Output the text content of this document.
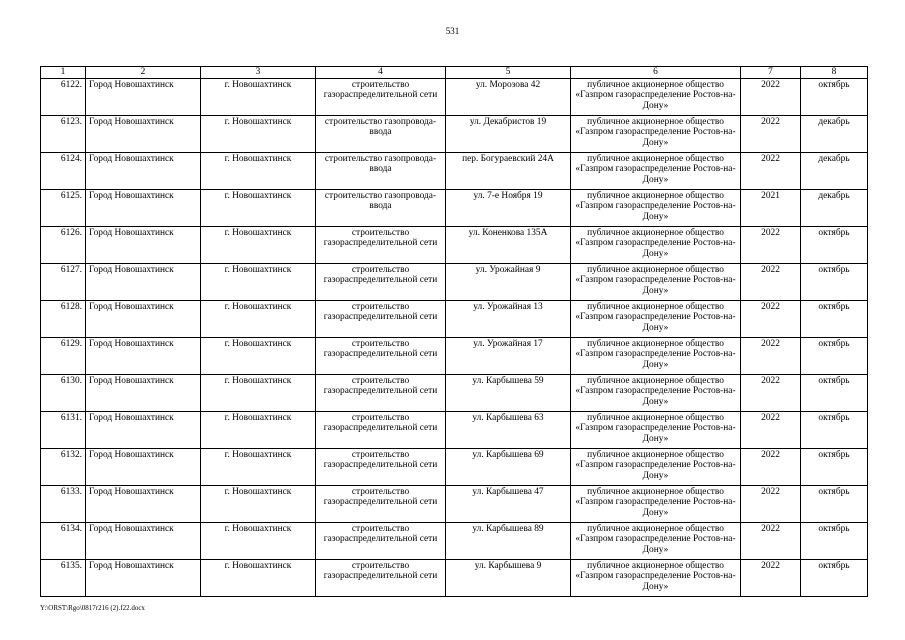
531
1	2	3	4	5	6	7	8
6122.	Город Новошахтинск	г. Новошахтинск	строительство газораспределительной сети	ул. Морозова 42	публичное акционерное общество «Газпром газораспределение Ростов-на-Дону»	2022	октябрь
6123.	Город Новошахтинск	г. Новошахтинск	строительство газопровода-ввода	ул. Декабристов 19	публичное акционерное общество «Газпром газораспределение Ростов-на-Дону»	2022	декабрь
6124.	Город Новошахтинск	г. Новошахтинск	строительство газопровода-ввода	пер. Богураевский 24А	публичное акционерное общество «Газпром газораспределение Ростов-на-Дону»	2022	декабрь
6125.	Город Новошахтинск	г. Новошахтинск	строительство газопровода-ввода	ул. 7-е Ноября 19	публичное акционерное общество «Газпром газораспределение Ростов-на-Дону»	2021	декабрь
6126.	Город Новошахтинск	г. Новошахтинск	строительство газораспределительной сети	ул. Коненкова 135А	публичное акционерное общество «Газпром газораспределение Ростов-на-Дону»	2022	октябрь
6127.	Город Новошахтинск	г. Новошахтинск	строительство газораспределительной сети	ул. Урожайная 9	публичное акционерное общество «Газпром газораспределение Ростов-на-Дону»	2022	октябрь
6128.	Город Новошахтинск	г. Новошахтинск	строительство газораспределительной сети	ул. Урожайная 13	публичное акционерное общество «Газпром газораспределение Ростов-на-Дону»	2022	октябрь
6129.	Город Новошахтинск	г. Новошахтинск	строительство газораспределительной сети	ул. Урожайная 17	публичное акционерное общество «Газпром газораспределение Ростов-на-Дону»	2022	октябрь
6130.	Город Новошахтинск	г. Новошахтинск	строительство газораспределительной сети	ул. Карбышева 59	публичное акционерное общество «Газпром газораспределение Ростов-на-Дону»	2022	октябрь
6131.	Город Новошахтинск	г. Новошахтинск	строительство газораспределительной сети	ул. Карбышева 63	публичное акционерное общество «Газпром газораспределение Ростов-на-Дону»	2022	октябрь
6132.	Город Новошахтинск	г. Новошахтинск	строительство газораспределительной сети	ул. Карбышева 69	публичное акционерное общество «Газпром газораспределение Ростов-на-Дону»	2022	октябрь
6133.	Город Новошахтинск	г. Новошахтинск	строительство газораспределительной сети	ул. Карбышева 47	публичное акционерное общество «Газпром газораспределение Ростов-на-Дону»	2022	октябрь
6134.	Город Новошахтинск	г. Новошахтинск	строительство газораспределительной сети	ул. Карбышева 89	публичное акционерное общество «Газпром газораспределение Ростов-на-Дону»	2022	октябрь
6135.	Город Новошахтинск	г. Новошахтинск	строительство газораспределительной сети	ул. Карбышева 9	публичное акционерное общество «Газпром газораспределение Ростов-на-Дону»	2022	октябрь
Y:\ORST\Rgo\0817r216 (2).f22.docx
